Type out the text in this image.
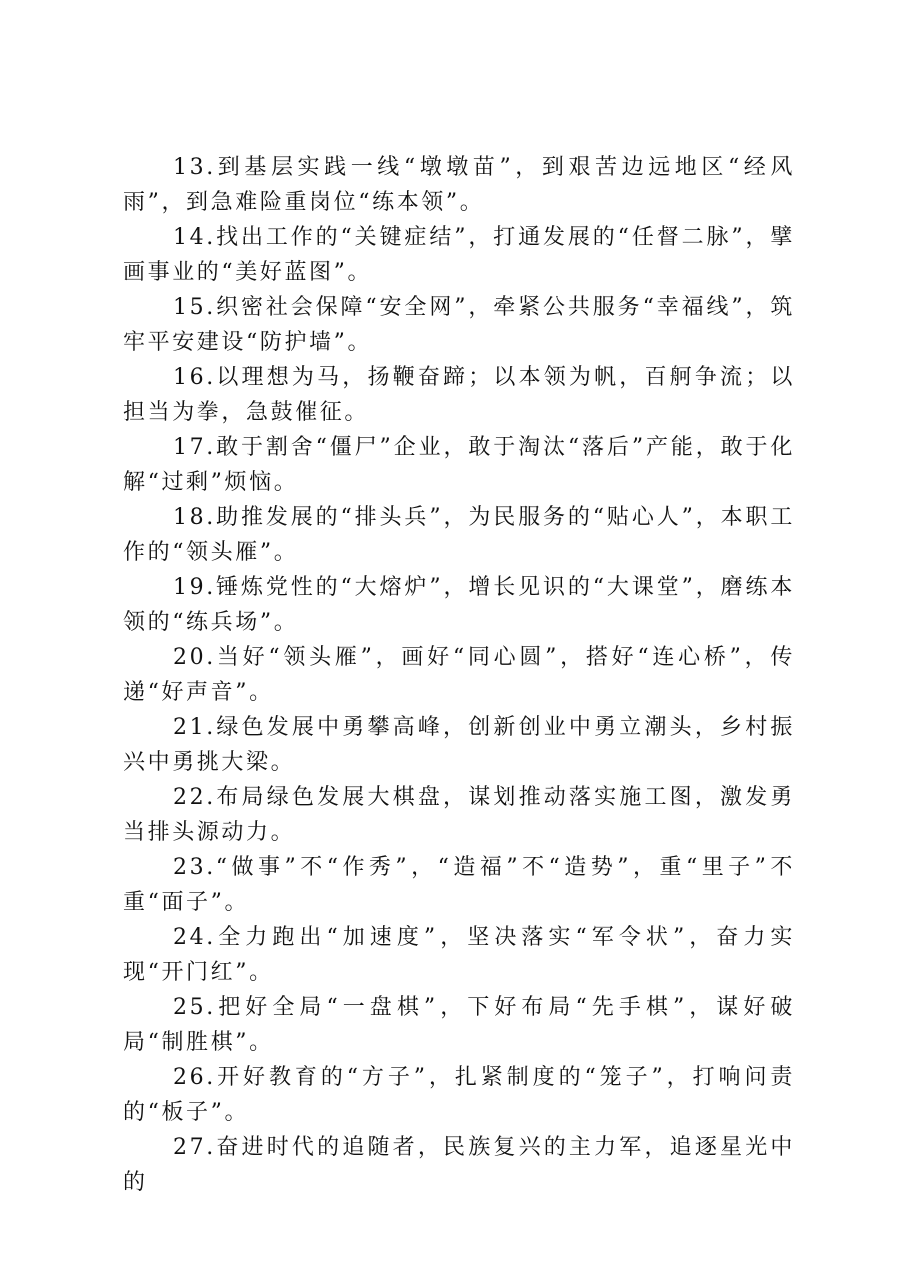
13.到基层实践一线“墩墩苗”，到艰苦边远地区“经风雨”，到急难险重岗位“练本领”。

14.找出工作的“关键症结”，打通发展的“任督二脉”，擘画事业的“美好蓝图”。

15.织密社会保障“安全网”，牵紧公共服务“幸福线”，筑牢平安建设“防护墙”。

16.以理想为马，扬鞭奋蹄；以本领为帆，百舸争流；以担当为拳，急鼓催征。

17.敢于割舍“僵尸”企业，敢于淘汰“落后”产能，敢于化解“过剩”烦恼。

18.助推发展的“排头兵”，为民服务的“贴心人”，本职工作的“领头雁”。

19.锤炼党性的“大熔炉”，增长见识的“大课堂”，磨练本领的“练兵场”。

20.当好“领头雁”，画好“同心圆”，搭好“连心桥”，传递“好声音”。

21.绿色发展中勇攀高峰，创新创业中勇立潮头，乡村振兴中勇挑大梁。

22.布局绿色发展大棋盘，谋划推动落实施工图，激发勇当排头源动力。

23.“做事”不“作秀”，“造福”不“造势”，重“里子”不重“面子”。

24.全力跑出“加速度”，坚决落实“军令状”，奋力实现“开门红”。

25.把好全局“一盘棋”，下好布局“先手棋”，谋好破局“制胜棋”。

26.开好教育的“方子”，扎紧制度的“笼子”，打响问责的“板子”。

27.奋进时代的追随者，民族复兴的主力军，追逐星光中的
